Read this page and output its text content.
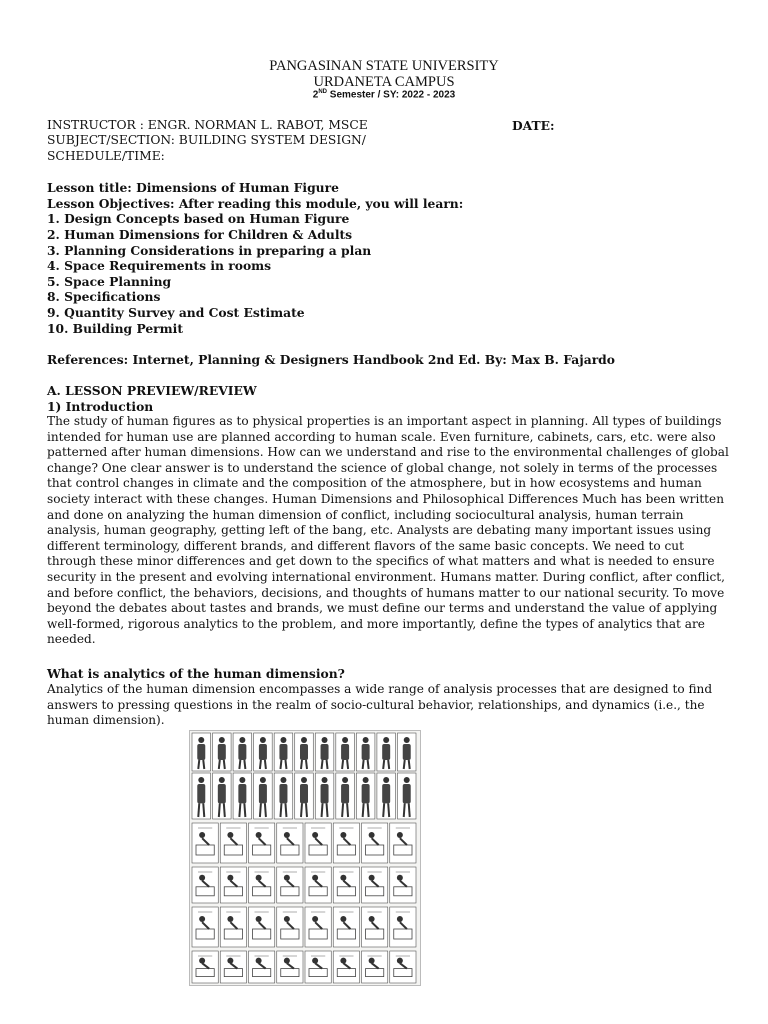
PANGASINAN STATE UNIVERSITY
URDANETA CAMPUS
2ND Semester / SY: 2022 - 2023
INSTRUCTOR : ENGR. NORMAN L. RABOT, MSCE	DATE:
SUBJECT/SECTION: BUILDING SYSTEM DESIGN/
SCHEDULE/TIME:
Lesson title: Dimensions of Human Figure
Lesson Objectives: After reading this module, you will learn:
1. Design Concepts based on Human Figure
2. Human Dimensions for Children & Adults
3. Planning Considerations in preparing a plan
4. Space Requirements in rooms
5. Space Planning
8. Specifications
9. Quantity Survey and Cost Estimate
10. Building Permit
References: Internet, Planning & Designers Handbook 2nd Ed. By: Max B. Fajardo
A. LESSON PREVIEW/REVIEW
1) Introduction
The study of human figures as to physical properties is an important aspect in planning. All types of buildings
intended for human use are planned according to human scale. Even furniture, cabinets, cars, etc. were also
patterned after human dimensions. How can we understand and rise to the environmental challenges of global
change? One clear answer is to understand the science of global change, not solely in terms of the processes
that control changes in climate and the composition of the atmosphere, but in how ecosystems and human
society interact with these changes. Human Dimensions and Philosophical Differences Much has been written
and done on analyzing the human dimension of conflict, including sociocultural analysis, human terrain
analysis, human geography, getting left of the bang, etc. Analysts are debating many important issues using
different terminology, different brands, and different flavors of the same basic concepts. We need to cut
through these minor differences and get down to the specifics of what matters and what is needed to ensure
security in the present and evolving international environment. Humans matter. During conflict, after conflict,
and before conflict, the behaviors, decisions, and thoughts of humans matter to our national security. To move
beyond the debates about tastes and brands, we must define our terms and understand the value of applying
well-formed, rigorous analytics to the problem, and more importantly, define the types of analytics that are
needed.
What is analytics of the human dimension?
Analytics of the human dimension encompasses a wide range of analysis processes that are designed to find
answers to pressing questions in the realm of socio-cultural behavior, relationships, and dynamics (i.e., the
human dimension).
